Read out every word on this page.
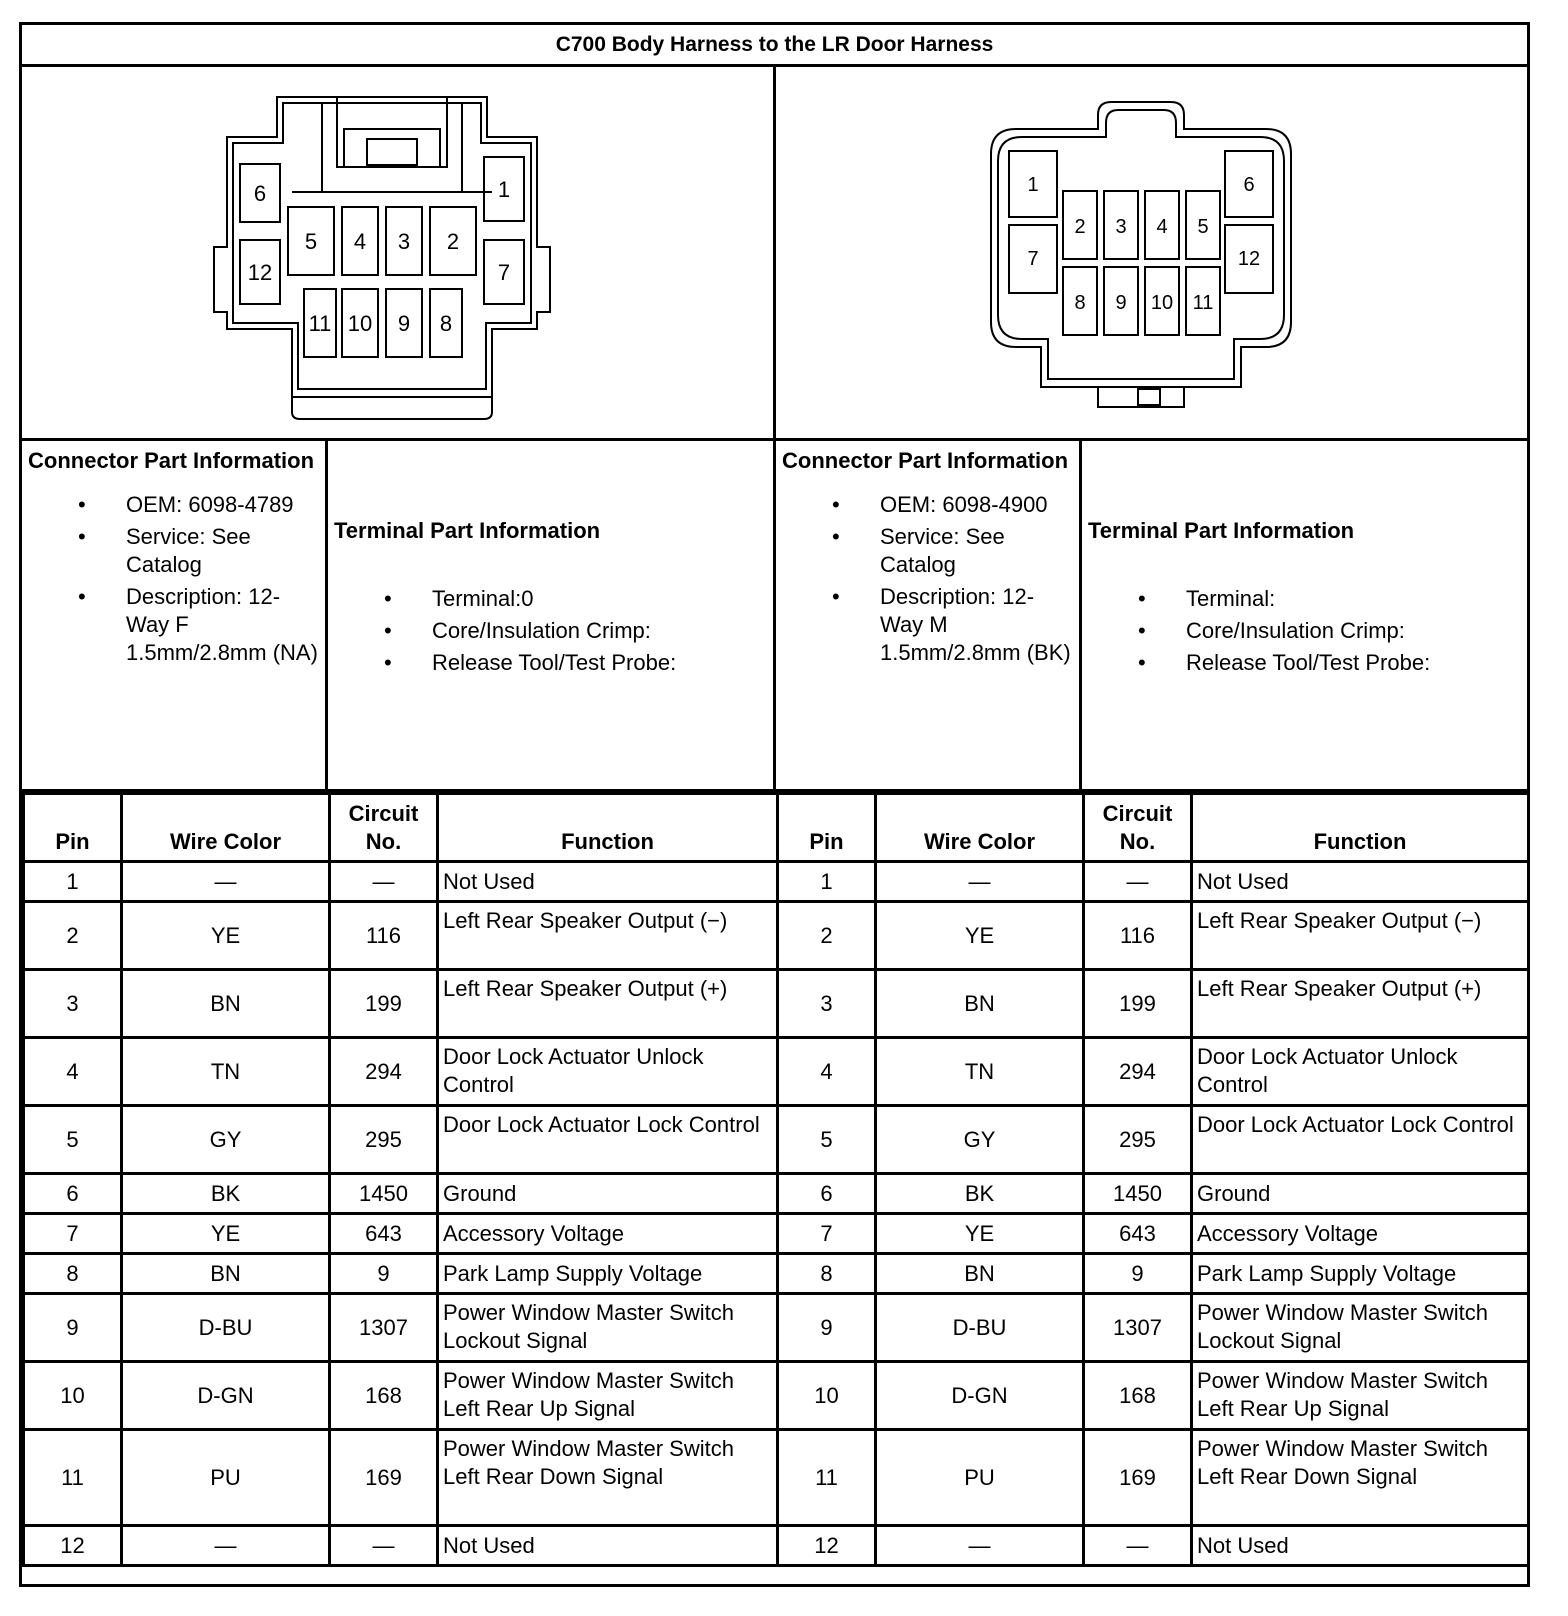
C700 Body Harness to the LR Door Harness
6
12
5 4 3 2
1
7
11 10 9 8
1
7
2 3 4 5
6
12
8 9 10 11
Connector Part Information
• OEM: 6098-4789
• Service: See Catalog
• Description: 12-Way F 1.5mm/2.8mm (NA)
Terminal Part Information
• Terminal:0
• Core/Insulation Crimp:
• Release Tool/Test Probe:
Connector Part Information
• OEM: 6098-4900
• Service: See Catalog
• Description: 12-Way M 1.5mm/2.8mm (BK)
Terminal Part Information
• Terminal:
• Core/Insulation Crimp:
• Release Tool/Test Probe:
Pin	Wire Color	Circuit No.	Function	Pin	Wire Color	Circuit No.	Function
1	—	—	Not Used	1	—	—	Not Used
2	YE	116	Left Rear Speaker Output (−)	2	YE	116	Left Rear Speaker Output (−)
3	BN	199	Left Rear Speaker Output (+)	3	BN	199	Left Rear Speaker Output (+)
4	TN	294	Door Lock Actuator Unlock Control	4	TN	294	Door Lock Actuator Unlock Control
5	GY	295	Door Lock Actuator Lock Control	5	GY	295	Door Lock Actuator Lock Control
6	BK	1450	Ground	6	BK	1450	Ground
7	YE	643	Accessory Voltage	7	YE	643	Accessory Voltage
8	BN	9	Park Lamp Supply Voltage	8	BN	9	Park Lamp Supply Voltage
9	D-BU	1307	Power Window Master Switch Lockout Signal	9	D-BU	1307	Power Window Master Switch Lockout Signal
10	D-GN	168	Power Window Master Switch Left Rear Up Signal	10	D-GN	168	Power Window Master Switch Left Rear Up Signal
11	PU	169	Power Window Master Switch Left Rear Down Signal	11	PU	169	Power Window Master Switch Left Rear Down Signal
12	—	—	Not Used	12	—	—	Not Used
